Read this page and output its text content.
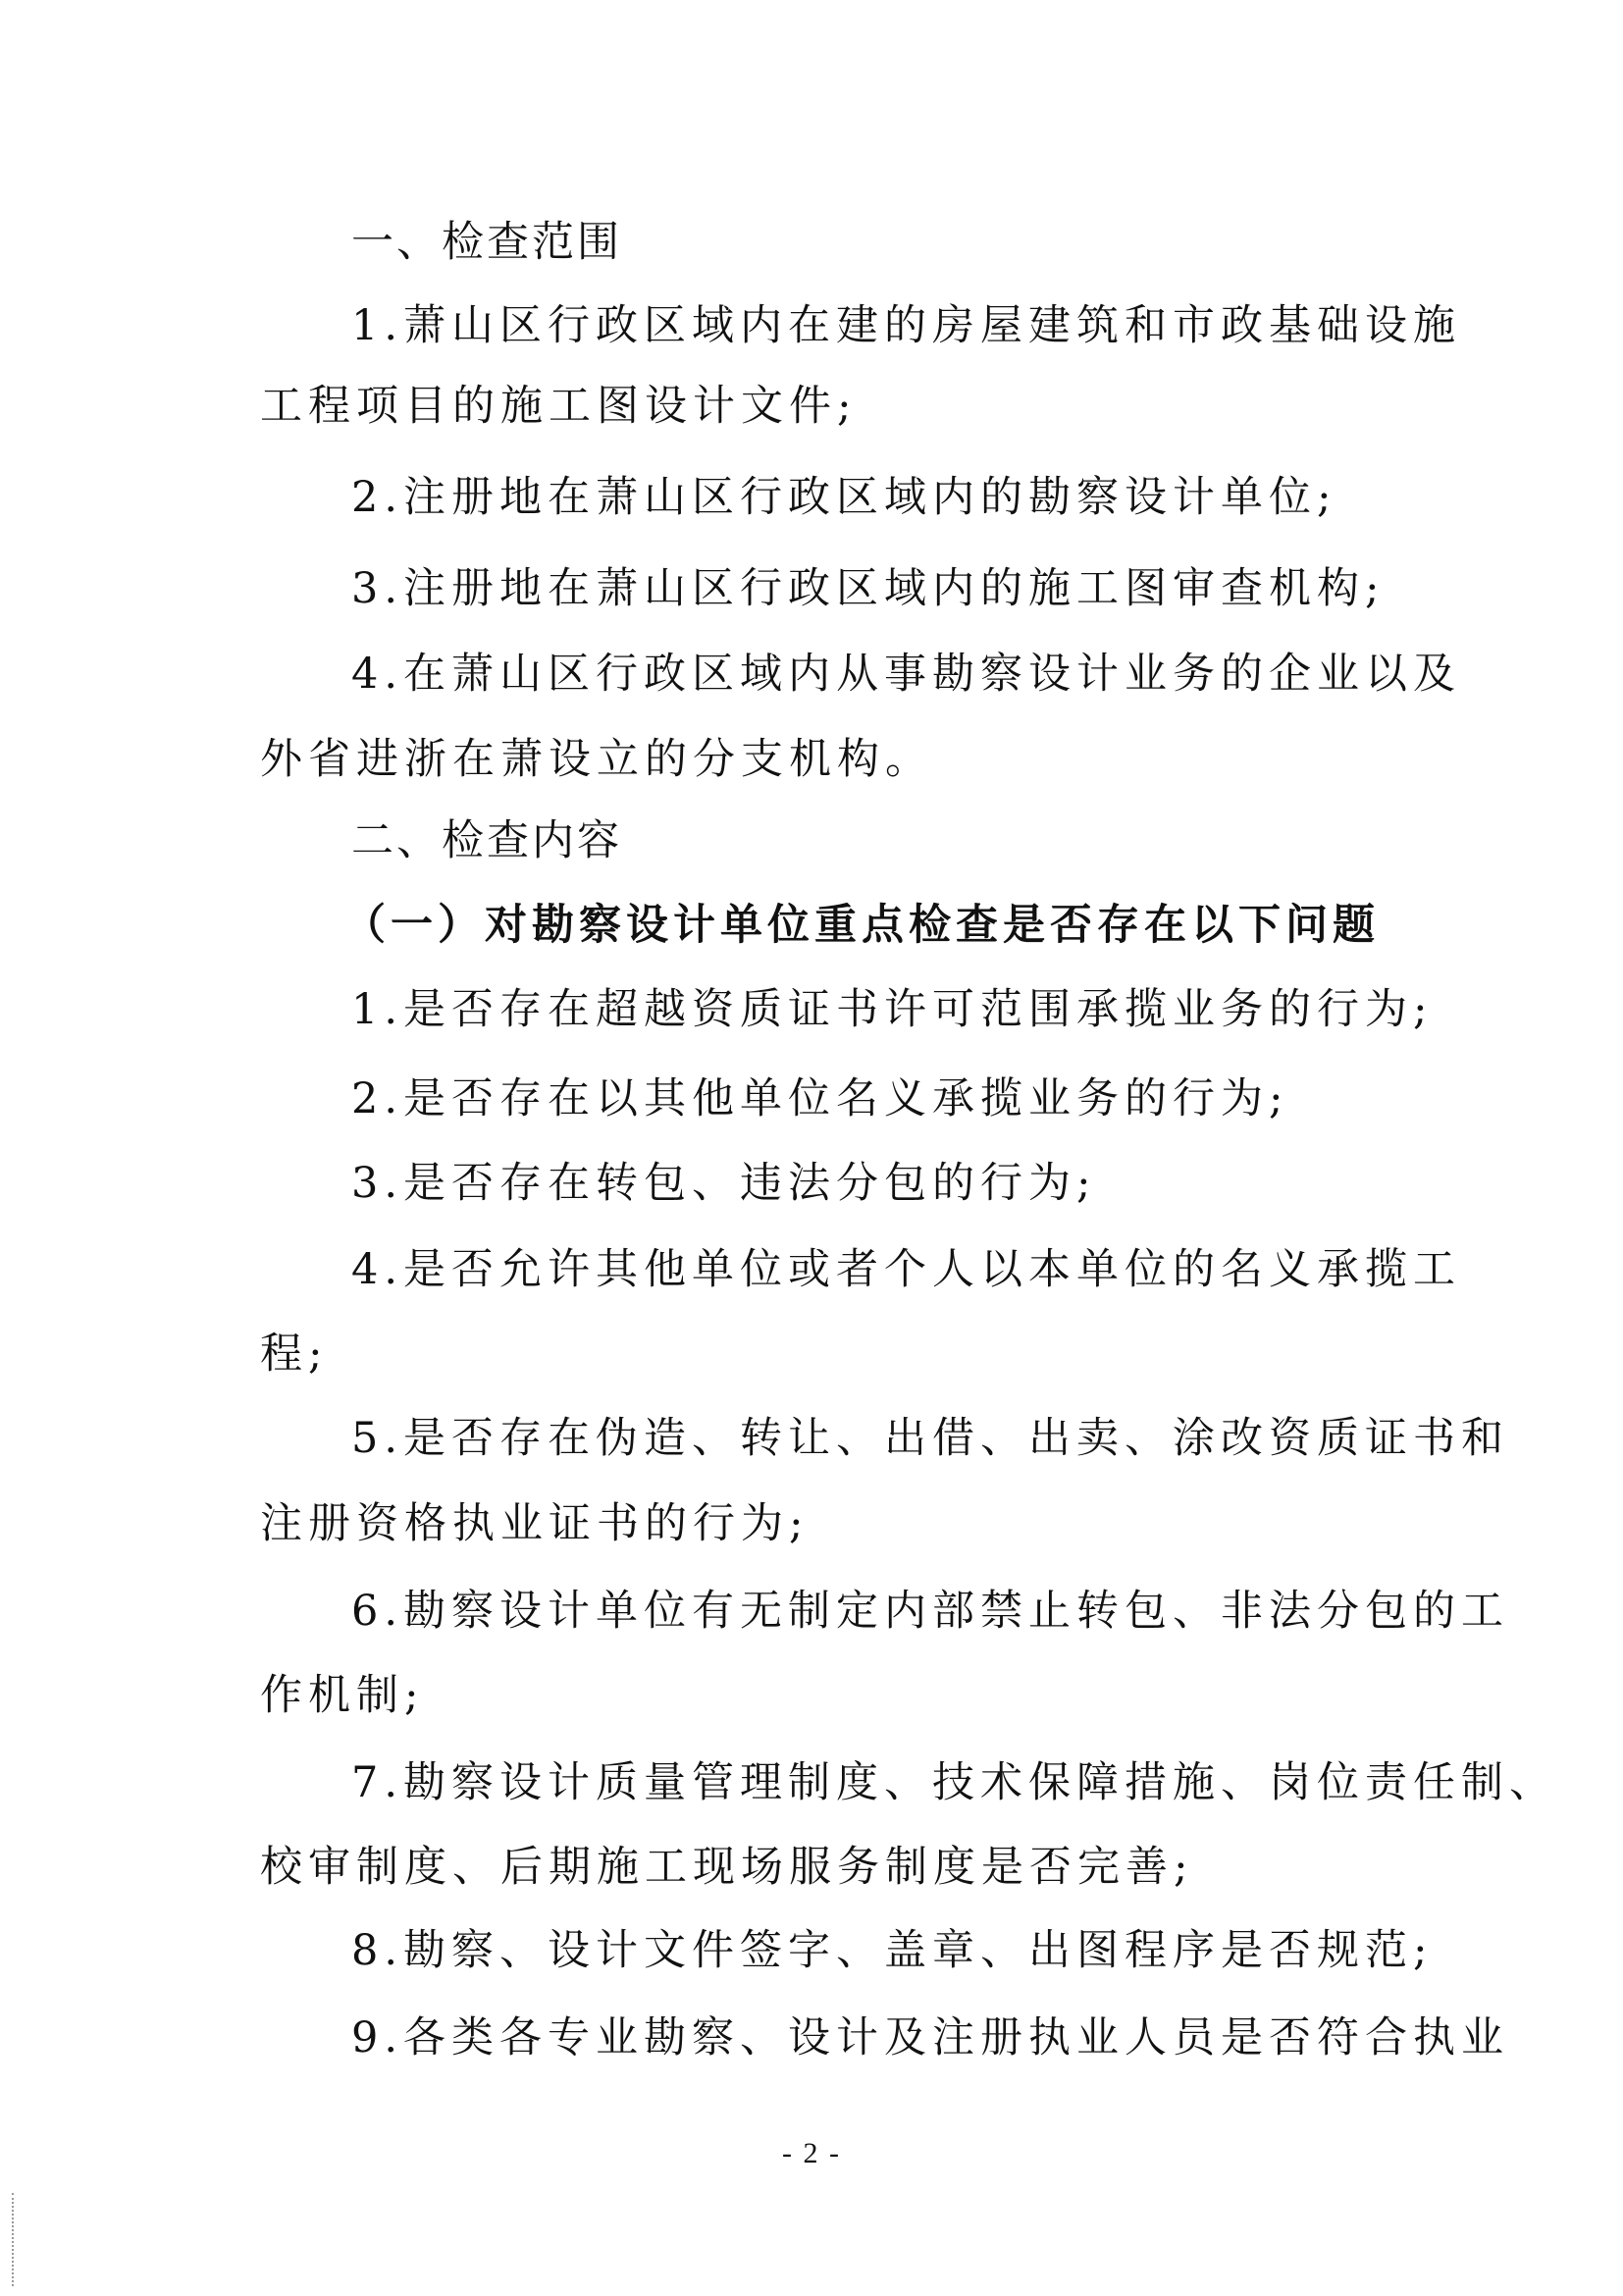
一、检查范围
1.萧山区行政区域内在建的房屋建筑和市政基础设施
工程项目的施工图设计文件;
2.注册地在萧山区行政区域内的勘察设计单位;
3.注册地在萧山区行政区域内的施工图审查机构;
4.在萧山区行政区域内从事勘察设计业务的企业以及
外省进浙在萧设立的分支机构。
二、检查内容
（一）对勘察设计单位重点检查是否存在以下问题
1.是否存在超越资质证书许可范围承揽业务的行为;
2.是否存在以其他单位名义承揽业务的行为;
3.是否存在转包、违法分包的行为;
4.是否允许其他单位或者个人以本单位的名义承揽工
程;
5.是否存在伪造、转让、出借、出卖、涂改资质证书和
注册资格执业证书的行为;
6.勘察设计单位有无制定内部禁止转包、非法分包的工
作机制;
7.勘察设计质量管理制度、技术保障措施、岗位责任制、
校审制度、后期施工现场服务制度是否完善;
8.勘察、设计文件签字、盖章、出图程序是否规范;
9.各类各专业勘察、设计及注册执业人员是否符合执业
- 2 -
